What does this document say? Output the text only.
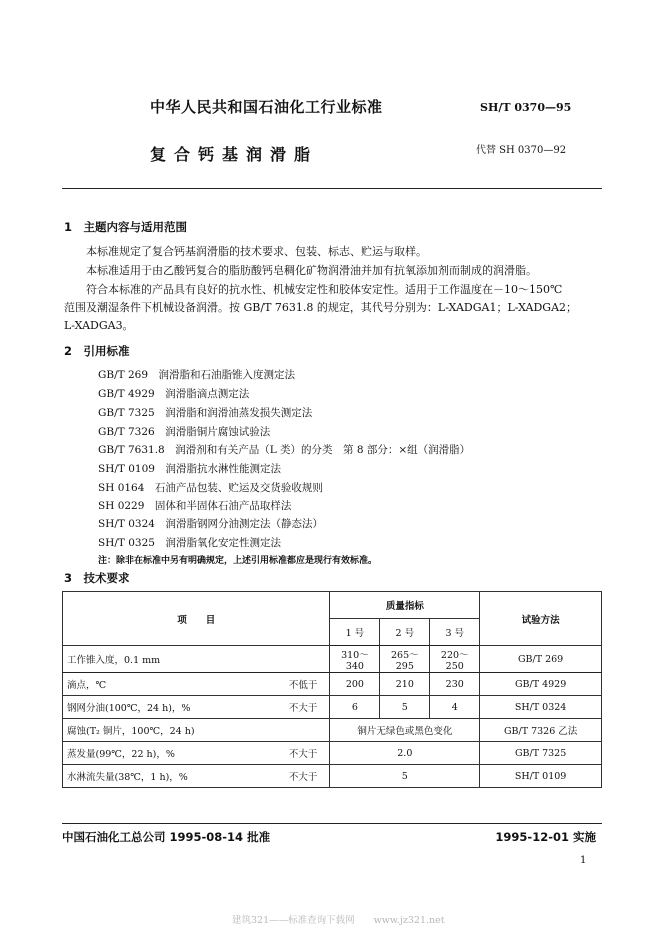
中华人民共和国石油化工行业标准	SH/T 0370—95
复合钙基润滑脂	代替 SH 0370—92
1　主题内容与适用范围
本标准规定了复合钙基润滑脂的技术要求、包装、标志、贮运与取样。
本标准适用于由乙酸钙复合的脂肪酸钙皂稠化矿物润滑油并加有抗氧添加剂而制成的润滑脂。
符合本标准的产品具有良好的抗水性、机械安定性和胶体安定性。适用于工作温度在－10～150℃
范围及潮湿条件下机械设备润滑。按 GB/T 7631.8 的规定，其代号分别为：L-XADGA1；L-XADGA2；
L-XADGA3。
2　引用标准
GB/T 269　润滑脂和石油脂锥入度测定法
GB/T 4929　润滑脂滴点测定法
GB/T 7325　润滑脂和润滑油蒸发损失测定法
GB/T 7326　润滑脂铜片腐蚀试验法
GB/T 7631.8　润滑剂和有关产品（L 类）的分类　第 8 部分：×组（润滑脂）
SH/T 0109　润滑脂抗水淋性能测定法
SH 0164　石油产品包装、贮运及交货验收规则
SH 0229　固体和半固体石油产品取样法
SH/T 0324　润滑脂钢网分油测定法（静态法）
SH/T 0325　润滑脂氧化安定性测定法
注：除非在标准中另有明确规定，上述引用标准都应是现行有效标准。
3　技术要求
项　　目		质量指标			试验方法
		1 号	2 号	3 号	
工作锥入度，0.1 mm		310～340	265～295	220～250	GB/T 269
滴点，℃	不低于	200	210	230	GB/T 4929
钢网分油(100℃，24 h)，%	不大于	6	5	4	SH/T 0324
腐蚀(T₂ 铜片，100℃，24 h)		铜片无绿色或黑色变化			GB/T 7326 乙法
蒸发量(99℃，22 h)，%	不大于	2.0			GB/T 7325
水淋流失量(38℃，1 h)，%	不大于	5			SH/T 0109
中国石油化工总公司 1995-08-14 批准	1995-12-01 实施
1
建筑321——标准查询下载网　　www.jz321.net
